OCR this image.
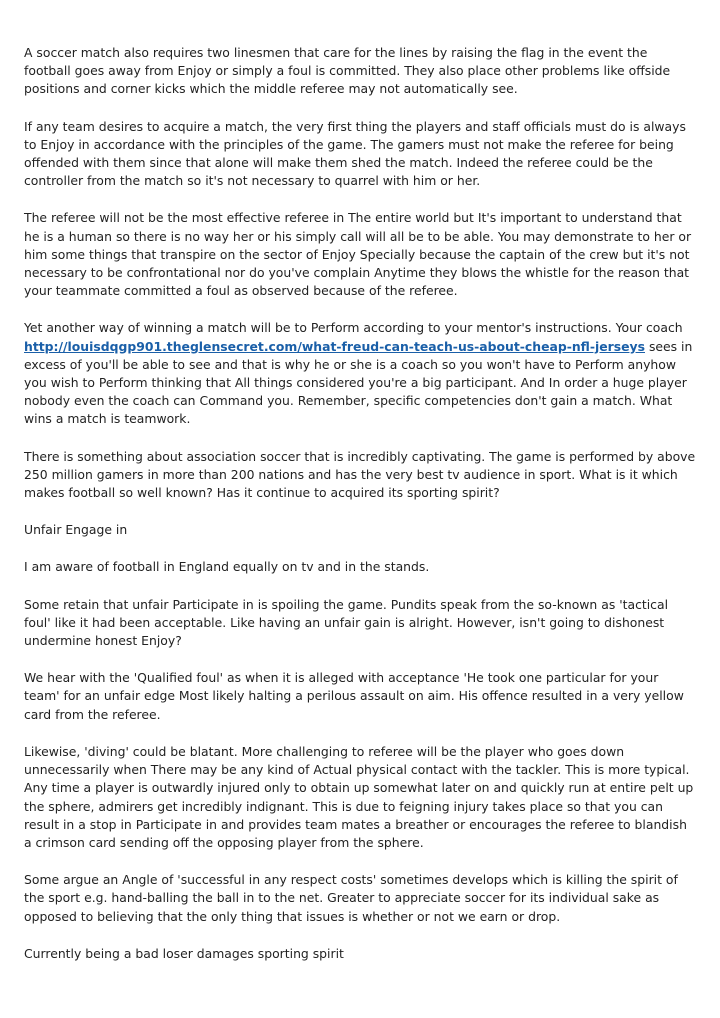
A soccer match also requires two linesmen that care for the lines by raising the flag in the event the football goes away from Enjoy or simply a foul is committed. They also place other problems like offside positions and corner kicks which the middle referee may not automatically see.

If any team desires to acquire a match, the very first thing the players and staff officials must do is always to Enjoy in accordance with the principles of the game. The gamers must not make the referee for being offended with them since that alone will make them shed the match. Indeed the referee could be the controller from the match so it's not necessary to quarrel with him or her.

The referee will not be the most effective referee in The entire world but It's important to understand that he is a human so there is no way her or his simply call will all be to be able. You may demonstrate to her or him some things that transpire on the sector of Enjoy Specially because the captain of the crew but it's not necessary to be confrontational nor do you've complain Anytime they blows the whistle for the reason that your teammate committed a foul as observed because of the referee.

Yet another way of winning a match will be to Perform according to your mentor's instructions. Your coach http://louisdqgp901.theglensecret.com/what-freud-can-teach-us-about-cheap-nfl-jerseys sees in excess of you'll be able to see and that is why he or she is a coach so you won't have to Perform anyhow you wish to Perform thinking that All things considered you're a big participant. And In order a huge player nobody even the coach can Command you. Remember, specific competencies don't gain a match. What wins a match is teamwork.

There is something about association soccer that is incredibly captivating. The game is performed by above 250 million gamers in more than 200 nations and has the very best tv audience in sport. What is it which makes football so well known? Has it continue to acquired its sporting spirit?

Unfair Engage in

I am aware of football in England equally on tv and in the stands.

Some retain that unfair Participate in is spoiling the game. Pundits speak from the so-known as 'tactical foul' like it had been acceptable. Like having an unfair gain is alright. However, isn't going to dishonest undermine honest Enjoy?

We hear with the 'Qualified foul' as when it is alleged with acceptance 'He took one particular for your team' for an unfair edge Most likely halting a perilous assault on aim. His offence resulted in a very yellow card from the referee.

Likewise, 'diving' could be blatant. More challenging to referee will be the player who goes down unnecessarily when There may be any kind of Actual physical contact with the tackler. This is more typical. Any time a player is outwardly injured only to obtain up somewhat later on and quickly run at entire pelt up the sphere, admirers get incredibly indignant. This is due to feigning injury takes place so that you can result in a stop in Participate in and provides team mates a breather or encourages the referee to blandish a crimson card sending off the opposing player from the sphere.

Some argue an Angle of 'successful in any respect costs' sometimes develops which is killing the spirit of the sport e.g. hand-balling the ball in to the net. Greater to appreciate soccer for its individual sake as opposed to believing that the only thing that issues is whether or not we earn or drop.

Currently being a bad loser damages sporting spirit
